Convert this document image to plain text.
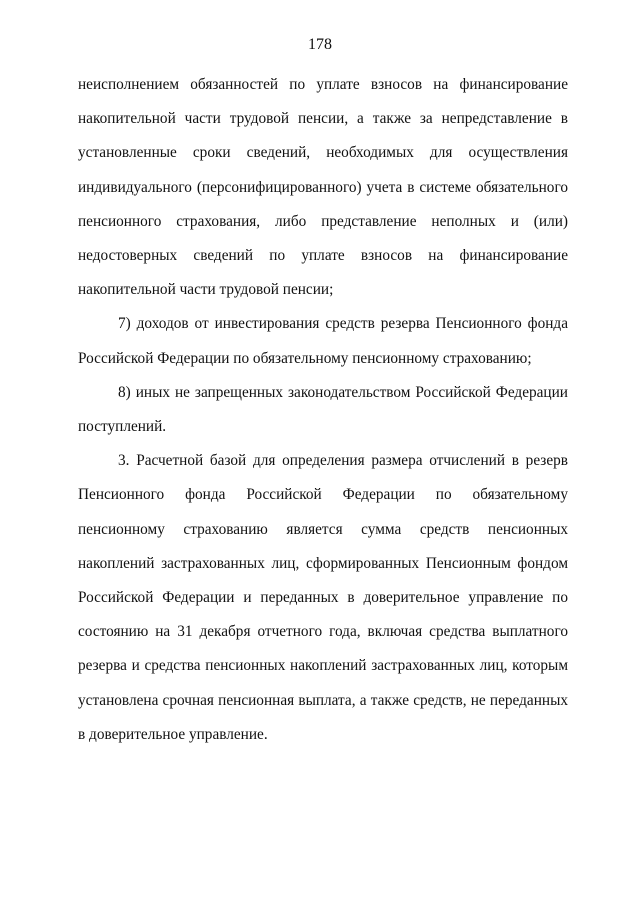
178

неисполнением обязанностей по уплате взносов на финансирование накопительной части трудовой пенсии, а также за непредставление в установленные сроки сведений, необходимых для осуществления индивидуального (персонифицированного) учета в системе обязательного пенсионного страхования, либо представление неполных и (или) недостоверных сведений по уплате взносов на финансирование накопительной части трудовой пенсии;

7) доходов от инвестирования средств резерва Пенсионного фонда Российской Федерации по обязательному пенсионному страхованию;

8) иных не запрещенных законодательством Российской Федерации поступлений.

3. Расчетной базой для определения размера отчислений в резерв Пенсионного фонда Российской Федерации по обязательному пенсионному страхованию является сумма средств пенсионных накоплений застрахованных лиц, сформированных Пенсионным фондом Российской Федерации и переданных в доверительное управление по состоянию на 31 декабря отчетного года, включая средства выплатного резерва и средства пенсионных накоплений застрахованных лиц, которым установлена срочная пенсионная выплата, а также средств, не переданных в доверительное управление.
